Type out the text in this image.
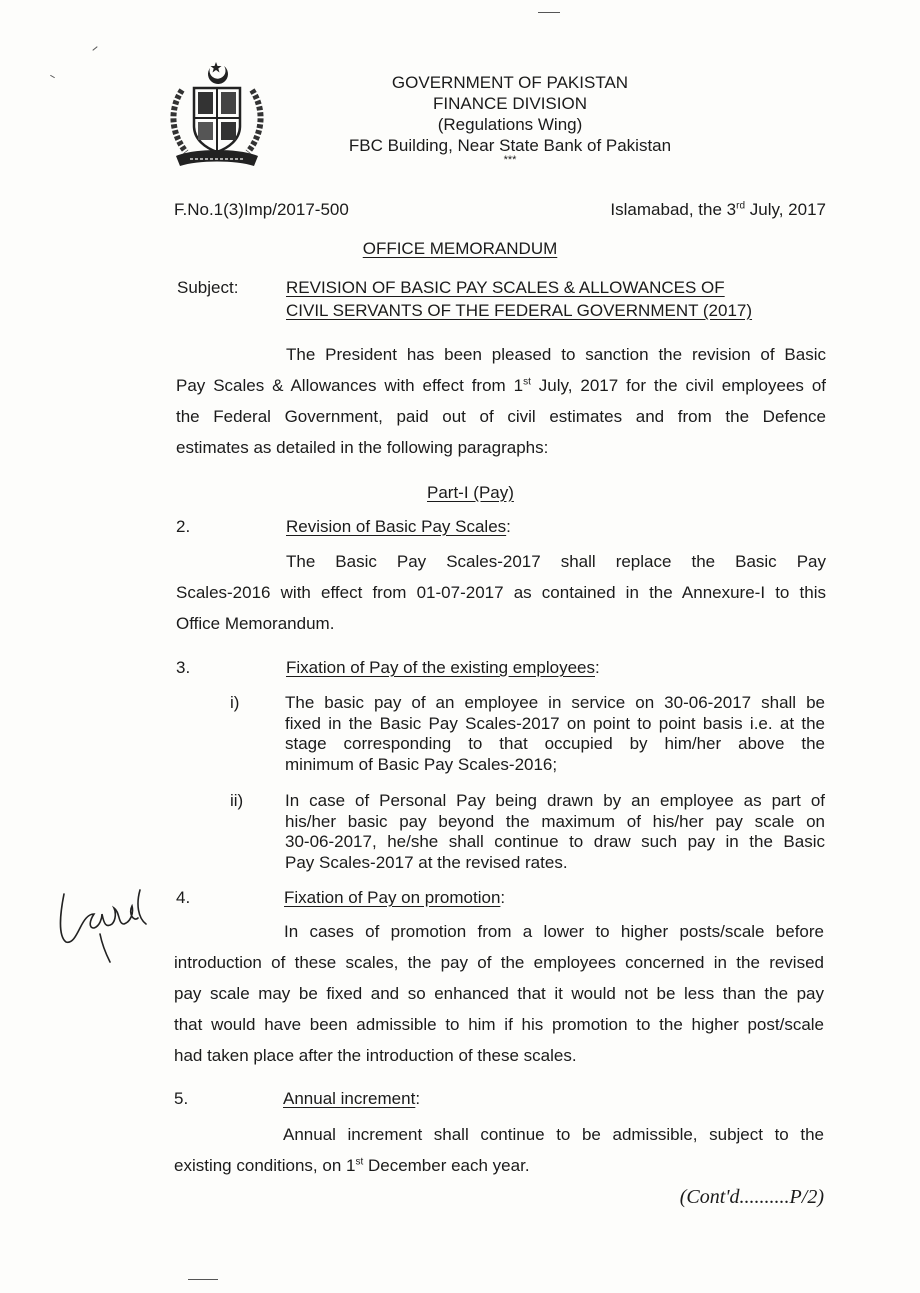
GOVERNMENT OF PAKISTAN
FINANCE DIVISION
(Regulations Wing)
FBC Building, Near State Bank of Pakistan
***
F.No.1(3)Imp/2017-500	Islamabad, the 3rd July, 2017
OFFICE MEMORANDUM
Subject:	REVISION OF BASIC PAY SCALES & ALLOWANCES OF
CIVIL SERVANTS OF THE FEDERAL GOVERNMENT (2017)
The President has been pleased to sanction the revision of Basic
Pay Scales & Allowances with effect from 1st July, 2017 for the civil employees of
the Federal Government, paid out of civil estimates and from the Defence
estimates as detailed in the following paragraphs:
Part-I (Pay)
2.	Revision of Basic Pay Scales:
The Basic Pay Scales-2017 shall replace the Basic Pay
Scales-2016 with effect from 01-07-2017 as contained in the Annexure-I to this
Office Memorandum.
3.	Fixation of Pay of the existing employees:
i)	The basic pay of an employee in service on 30-06-2017 shall be
fixed in the Basic Pay Scales-2017 on point to point basis i.e. at the
stage corresponding to that occupied by him/her above the
minimum of Basic Pay Scales-2016;
ii) In case of Personal Pay being drawn by an employee as part of
his/her basic pay beyond the maximum of his/her pay scale on
30-06-2017, he/she shall continue to draw such pay in the Basic
Pay Scales-2017 at the revised rates.
4.	Fixation of Pay on promotion:
In cases of promotion from a lower to higher posts/scale before
introduction of these scales, the pay of the employees concerned in the revised
pay scale may be fixed and so enhanced that it would not be less than the pay
that would have been admissible to him if his promotion to the higher post/scale
had taken place after the introduction of these scales.
5.	Annual increment:
Annual increment shall continue to be admissible, subject to the
existing conditions, on 1st December each year.
(Cont'd..........P/2)
